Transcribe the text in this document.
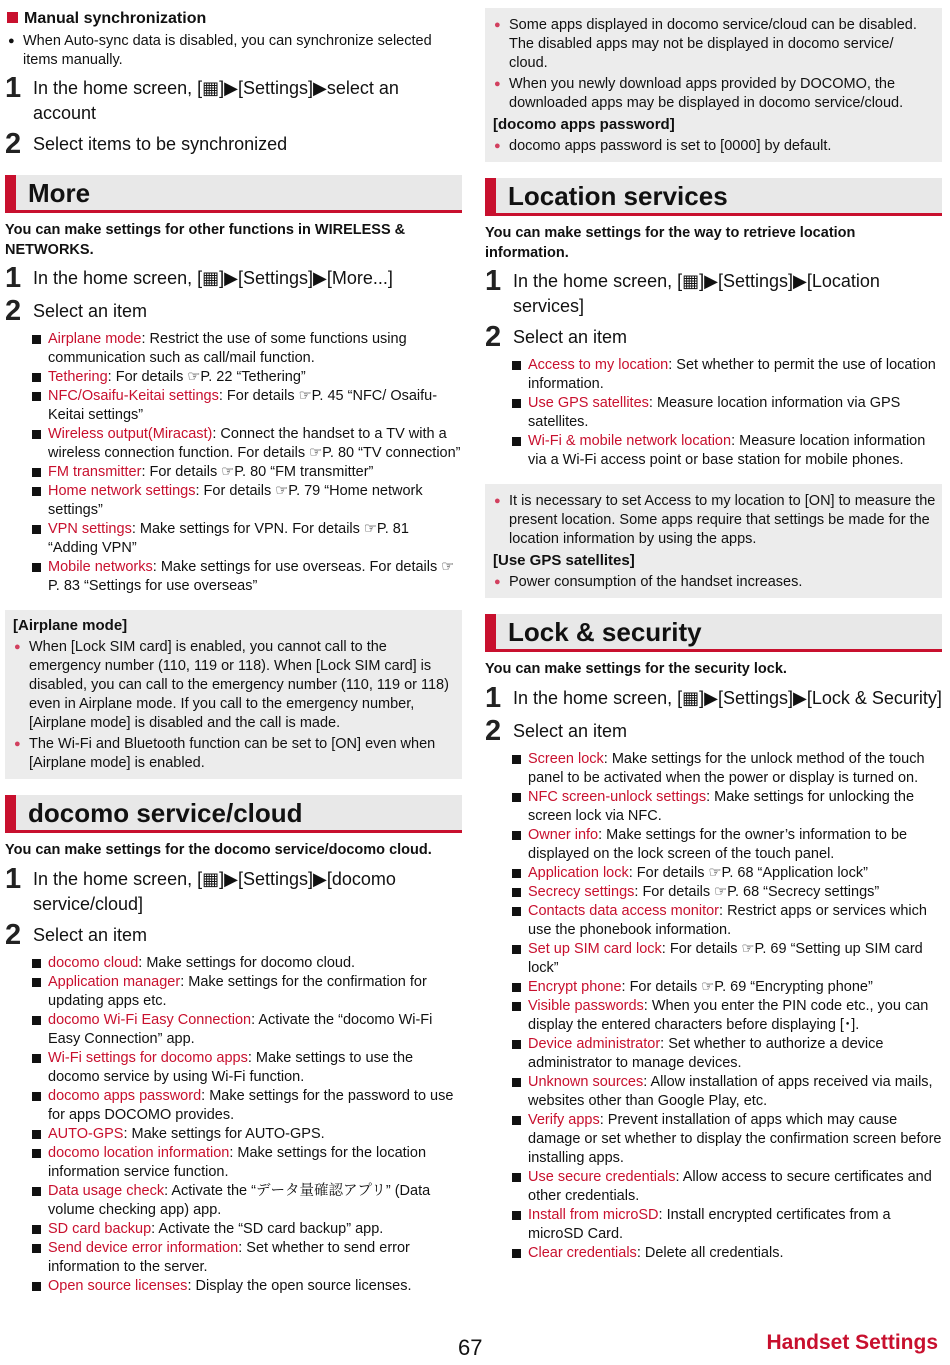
Manual synchronization
● When Auto-sync data is disabled, you can synchronize selected items manually.
1 In the home screen, [▦]▶[Settings]▶select an account
2 Select items to be synchronized
More
You can make settings for other functions in WIRELESS & NETWORKS.
1 In the home screen, [▦]▶[Settings]▶[More...]
2 Select an item
Airplane mode: Restrict the use of some functions using communication such as call/mail function.
Tethering: For details ☞P. 22 “Tethering”
NFC/Osaifu-Keitai settings: For details ☞P. 45 “NFC/ Osaifu-Keitai settings”
Wireless output(Miracast): Connect the handset to a TV with a wireless connection function. For details ☞P. 80 “TV connection”
FM transmitter: For details ☞P. 80 “FM transmitter”
Home network settings: For details ☞P. 79 “Home network settings”
VPN settings: Make settings for VPN. For details ☞P. 81 “Adding VPN”
Mobile networks: Make settings for use overseas. For details ☞P. 83 “Settings for use overseas”
[Airplane mode]
● When [Lock SIM card] is enabled, you cannot call to the emergency number (110, 119 or 118). When [Lock SIM card] is disabled, you can call to the emergency number (110, 119 or 118) even in Airplane mode. If you call to the emergency number, [Airplane mode] is disabled and the call is made.
● The Wi-Fi and Bluetooth function can be set to [ON] even when [Airplane mode] is enabled.
docomo service/cloud
You can make settings for the docomo service/docomo cloud.
1 In the home screen, [▦]▶[Settings]▶[docomo service/cloud]
2 Select an item
docomo cloud: Make settings for docomo cloud.
Application manager: Make settings for the confirmation for updating apps etc.
docomo Wi-Fi Easy Connection: Activate the “docomo Wi-Fi Easy Connection” app.
Wi-Fi settings for docomo apps: Make settings to use the docomo service by using Wi-Fi function.
docomo apps password: Make settings for the password to use for apps DOCOMO provides.
AUTO-GPS: Make settings for AUTO-GPS.
docomo location information: Make settings for the location information service function.
Data usage check: Activate the “データ量確認アプリ” (Data volume checking app) app.
SD card backup: Activate the “SD card backup” app.
Send device error information: Set whether to send error information to the server.
Open source licenses: Display the open source licenses.
● Some apps displayed in docomo service/cloud can be disabled. The disabled apps may not be displayed in docomo service/ cloud.
● When you newly download apps provided by DOCOMO, the downloaded apps may be displayed in docomo service/cloud.
[docomo apps password]
● docomo apps password is set to [0000] by default.
Location services
You can make settings for the way to retrieve location information.
1 In the home screen, [▦]▶[Settings]▶[Location services]
2 Select an item
Access to my location: Set whether to permit the use of location information.
Use GPS satellites: Measure location information via GPS satellites.
Wi-Fi & mobile network location: Measure location information via a Wi-Fi access point or base station for mobile phones.
● It is necessary to set Access to my location to [ON] to measure the present location. Some apps require that settings be made for the location information by using the apps.
[Use GPS satellites]
● Power consumption of the handset increases.
Lock & security
You can make settings for the security lock.
1 In the home screen, [▦]▶[Settings]▶[Lock & Security]
2 Select an item
Screen lock: Make settings for the unlock method of the touch panel to be activated when the power or display is turned on.
NFC screen-unlock settings: Make settings for unlocking the screen lock via NFC.
Owner info: Make settings for the owner’s information to be displayed on the lock screen of the touch panel.
Application lock: For details ☞P. 68 “Application lock”
Secrecy settings: For details ☞P. 68 “Secrecy settings”
Contacts data access monitor: Restrict apps or services which use the phonebook information.
Set up SIM card lock: For details ☞P. 69 “Setting up SIM card lock”
Encrypt phone: For details ☞P. 69 “Encrypting phone”
Visible passwords: When you enter the PIN code etc., you can display the entered characters before displaying [･].
Device administrator: Set whether to authorize a device administrator to manage devices.
Unknown sources: Allow installation of apps received via mails, websites other than Google Play, etc.
Verify apps: Prevent installation of apps which may cause damage or set whether to display the confirmation screen before installing apps.
Use secure credentials: Allow access to secure certificates and other credentials.
Install from microSD: Install encrypted certificates from a microSD Card.
Clear credentials: Delete all credentials.
67	Handset Settings
